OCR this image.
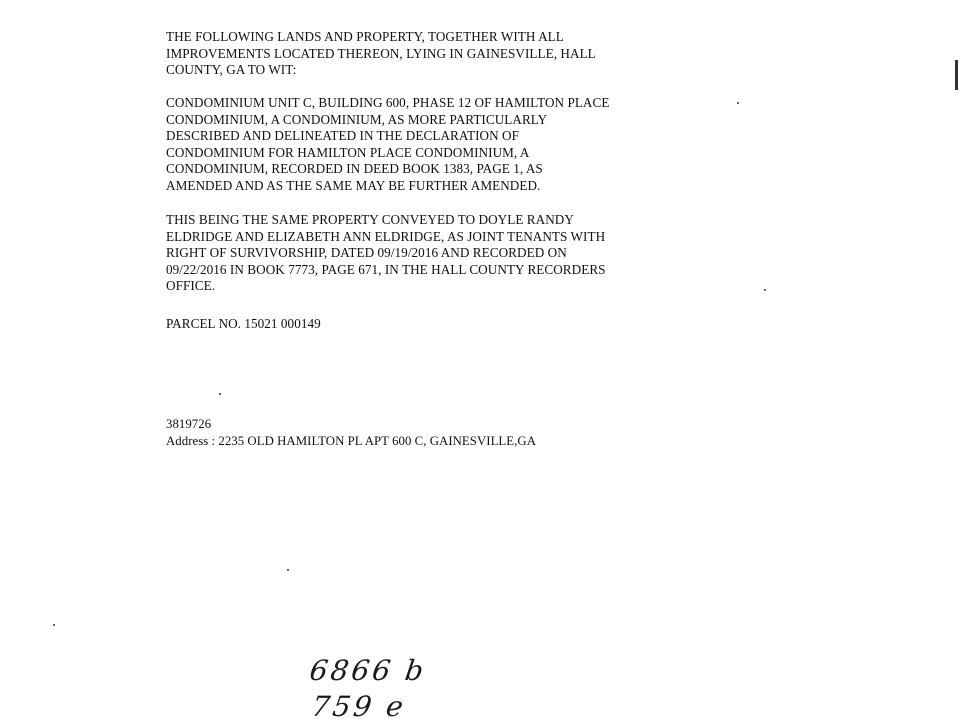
THE FOLLOWING LANDS AND PROPERTY, TOGETHER WITH ALL
IMPROVEMENTS LOCATED THEREON, LYING IN GAINESVILLE, HALL
COUNTY, GA TO WIT:

CONDOMINIUM UNIT C, BUILDING 600, PHASE 12 OF HAMILTON PLACE
CONDOMINIUM, A CONDOMINIUM, AS MORE PARTICULARLY
DESCRIBED AND DELINEATED IN THE DECLARATION OF
CONDOMINIUM FOR HAMILTON PLACE CONDOMINIUM, A
CONDOMINIUM, RECORDED IN DEED BOOK 1383, PAGE 1, AS
AMENDED AND AS THE SAME MAY BE FURTHER AMENDED.

THIS BEING THE SAME PROPERTY CONVEYED TO DOYLE RANDY
ELDRIDGE AND ELIZABETH ANN ELDRIDGE, AS JOINT TENANTS WITH
RIGHT OF SURVIVORSHIP, DATED 09/19/2016 AND RECORDED ON
09/22/2016 IN BOOK 7773, PAGE 671, IN THE HALL COUNTY RECORDERS
OFFICE.

PARCEL NO. 15021 000149

3819726

Address : 2235 OLD HAMILTON PL APT 600 C, GAINESVILLE,GA

6866 b
759 e
